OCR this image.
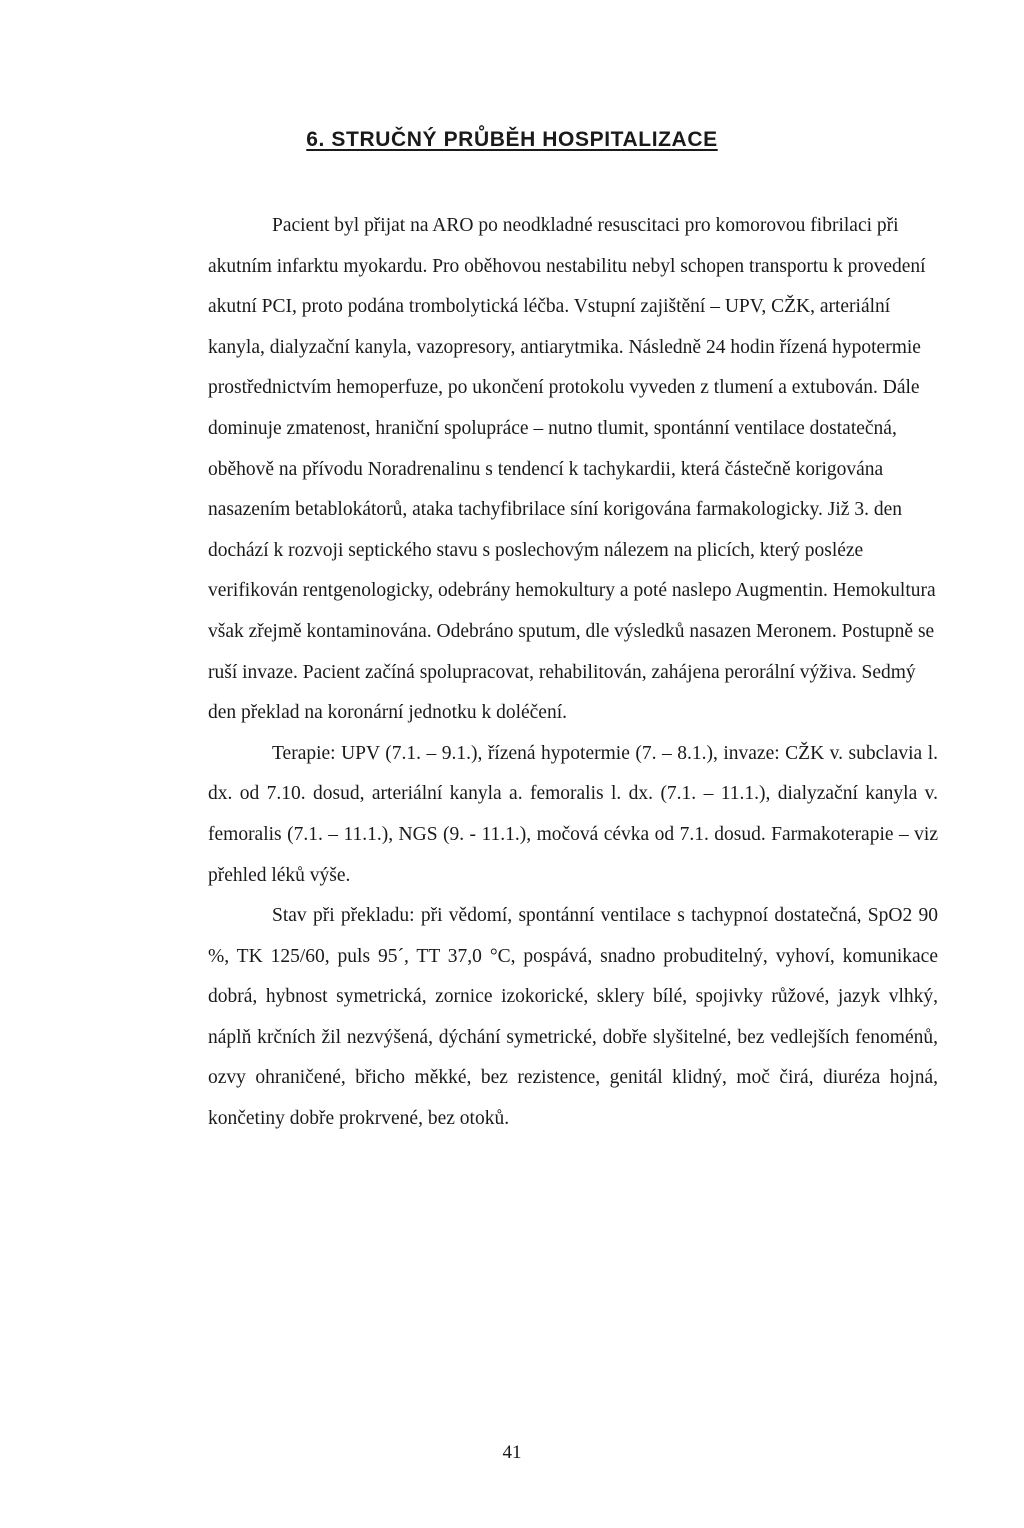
6. STRUČNÝ PRŮBĚH HOSPITALIZACE

Pacient byl přijat na ARO po neodkladné resuscitaci pro komorovou fibrilaci při akutním infarktu myokardu. Pro oběhovou nestabilitu nebyl schopen transportu k provedení akutní PCI, proto podána trombolytická léčba. Vstupní zajištění – UPV, CŽK, arteriální kanyla, dialyzační kanyla, vazopresory, antiarytmika. Následně 24 hodin řízená hypotermie prostřednictvím hemoperfuze, po ukončení protokolu vyveden z tlumení a extubován. Dále dominuje zmatenost, hraniční spolupráce – nutno tlumit, spontánní ventilace dostatečná, oběhově na přívodu Noradrenalinu s tendencí k tachykardii, která částečně korigována nasazením betablokátorů, ataka tachyfibrilace síní korigována farmakologicky. Již 3. den dochází k rozvoji septického stavu s poslechovým nálezem na plicích, který posléze verifikován rentgenologicky, odebrány hemokultury a poté naslepo Augmentin. Hemokultura však zřejmě kontaminována. Odebráno sputum, dle výsledků nasazen Meronem. Postupně se ruší invaze. Pacient začíná spolupracovat, rehabilitován, zahájena perorální výživa. Sedmý den překlad na koronární jednotku k doléčení.

Terapie: UPV (7.1. – 9.1.), řízená hypotermie (7. – 8.1.), invaze: CŽK v. subclavia l. dx. od 7.10. dosud, arteriální kanyla a. femoralis l. dx. (7.1. – 11.1.), dialyzační kanyla v. femoralis (7.1. – 11.1.), NGS (9. - 11.1.), močová cévka od 7.1. dosud. Farmakoterapie – viz přehled léků výše.

Stav při překladu: při vědomí, spontánní ventilace s tachypnoí dostatečná, SpO2 90 %, TK 125/60, puls 95´, TT 37,0 °C, pospává, snadno probuditelný, vyhoví, komunikace dobrá, hybnost symetrická, zornice izokorické, sklery bílé, spojivky růžové, jazyk vlhký, náplň krčních žil nezvýšená, dýchání symetrické, dobře slyšitelné, bez vedlejších fenoménů, ozvy ohraničené, břicho měkké, bez rezistence, genitál klidný, moč čirá, diuréza hojná, končetiny dobře prokrvené, bez otoků.

41
